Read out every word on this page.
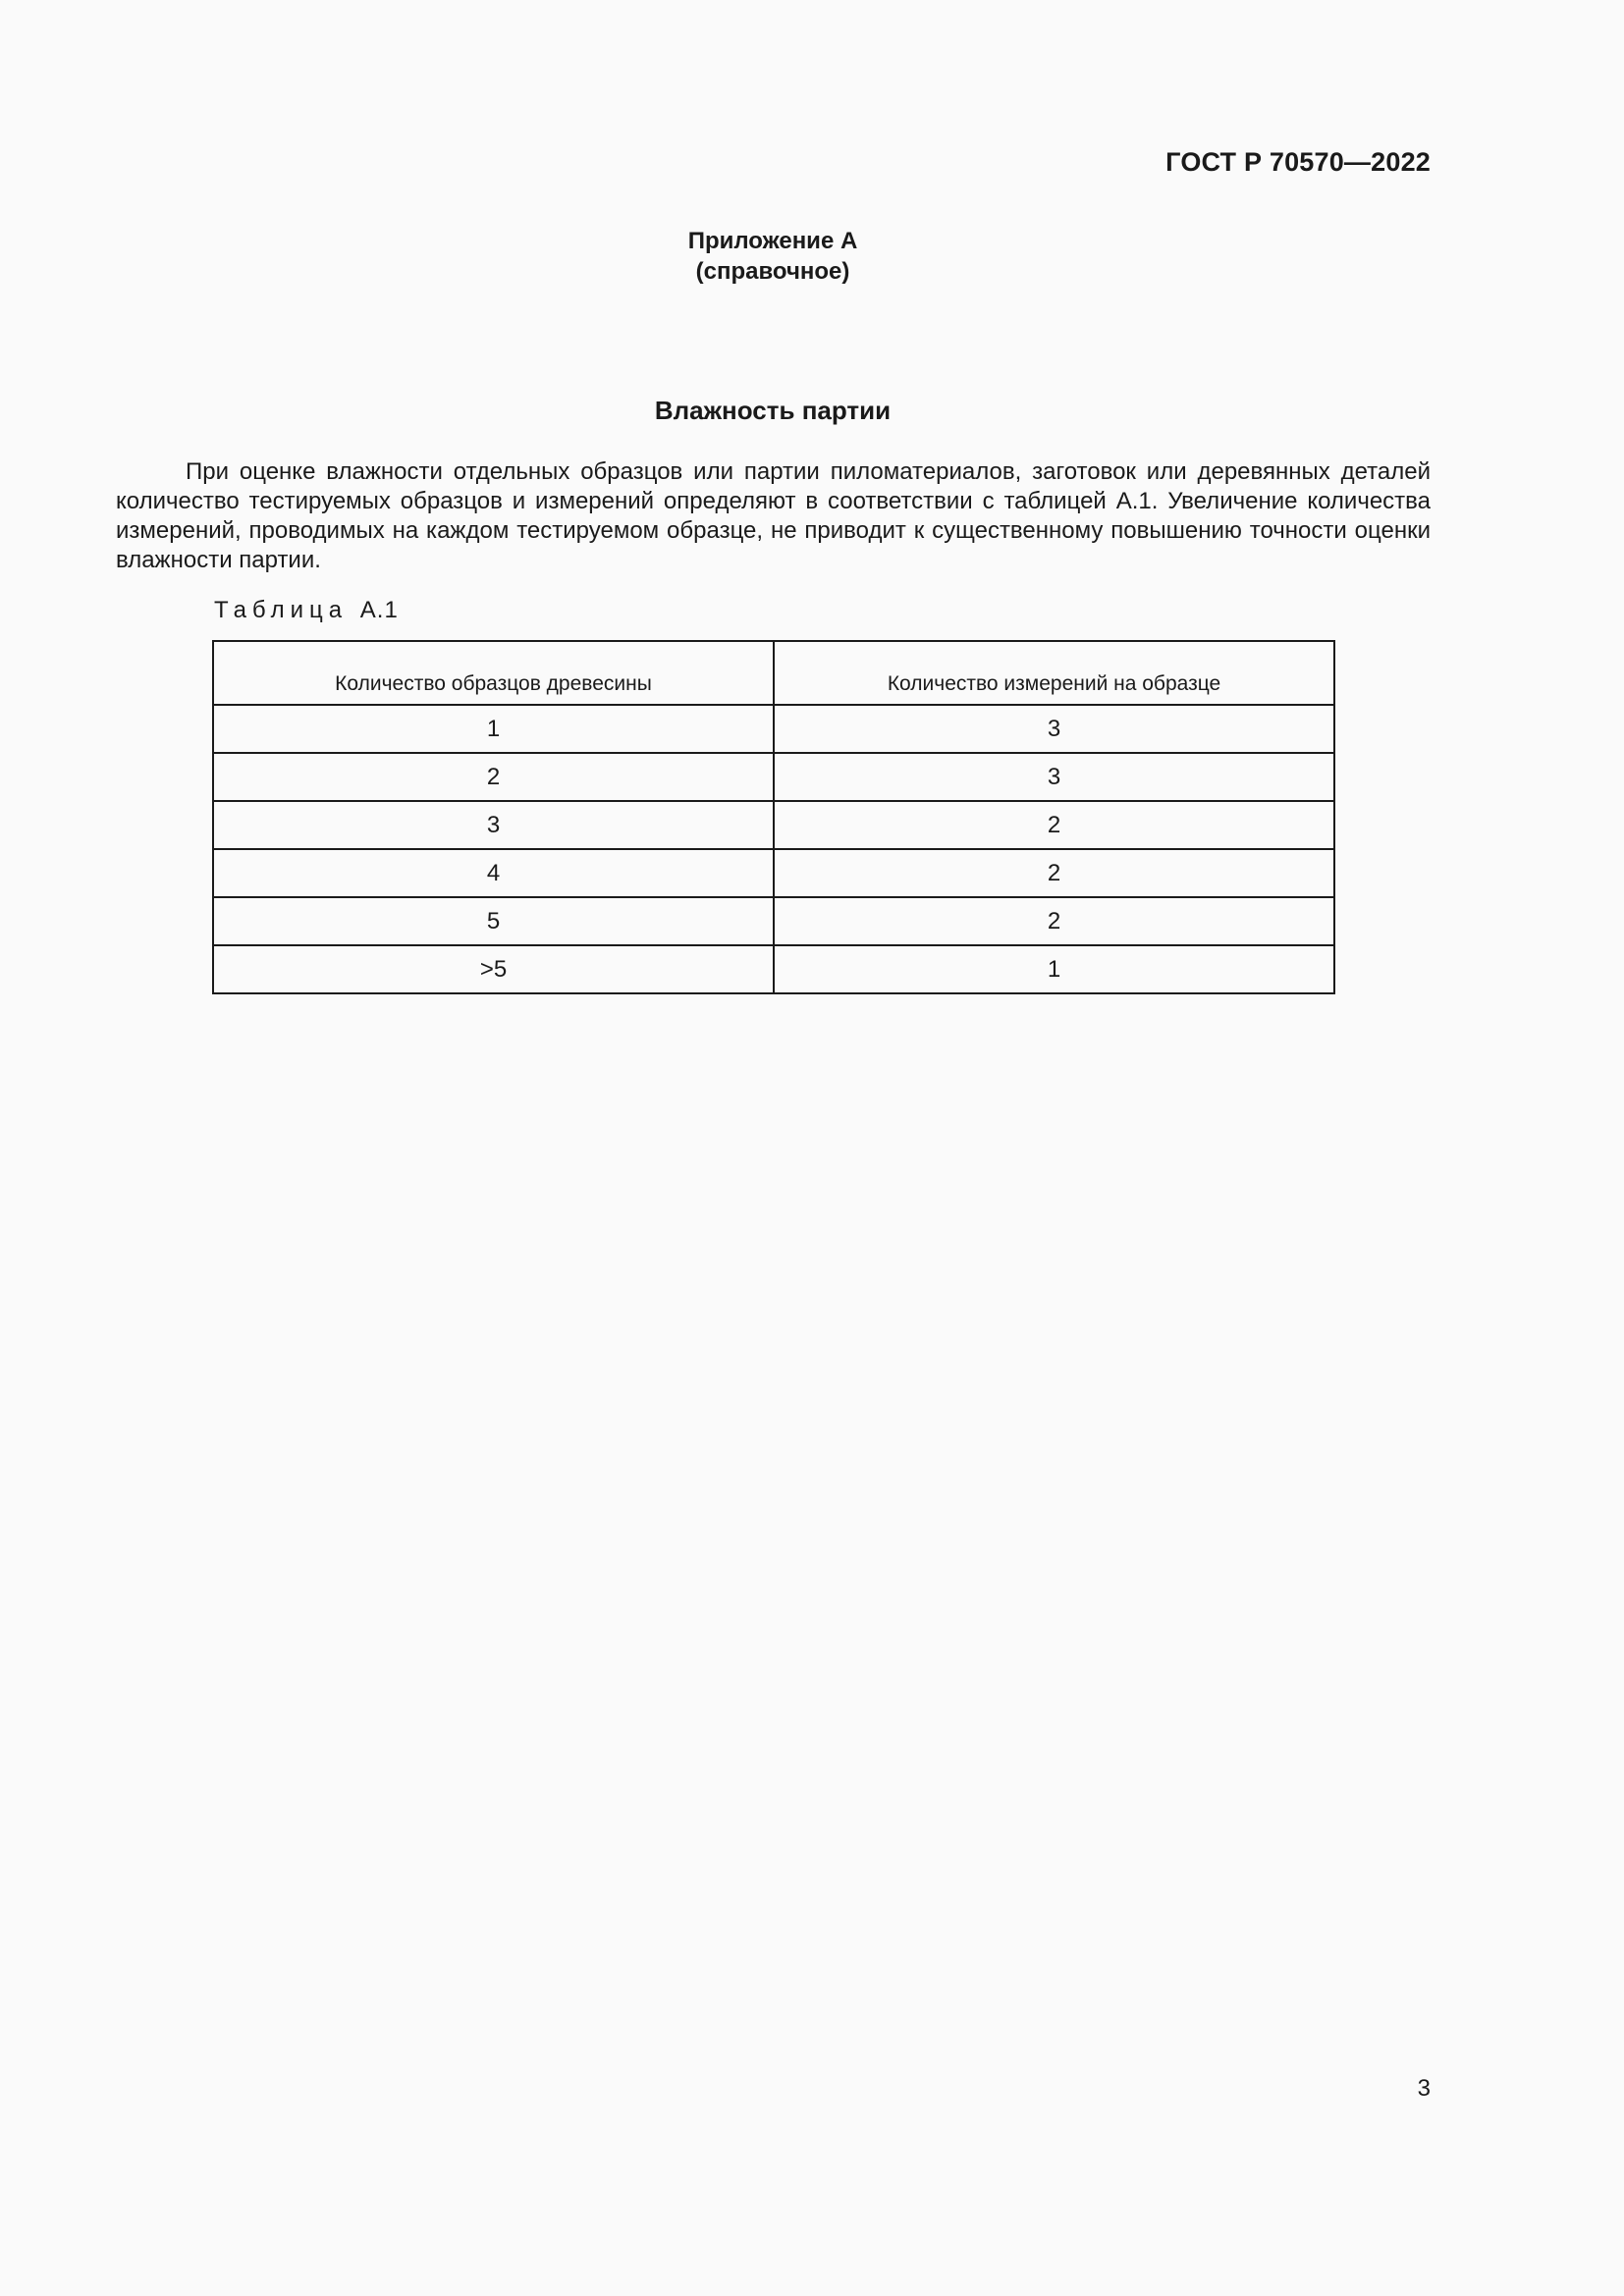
ГОСТ Р 70570—2022
Приложение А
(справочное)
Влажность партии

При оценке влажности отдельных образцов или партии пиломатериалов, заготовок или деревянных деталей количество тестируемых образцов и измерений определяют в соответствии с таблицей А.1. Увеличение количества измерений, проводимых на каждом тестируемом образце, не приводит к существенному повышению точности оценки влажности партии.

Таблица А.1
Количество образцов древесины	Количество измерений на образце
1	3
2	3
3	2
4	2
5	2
>5	1
3
